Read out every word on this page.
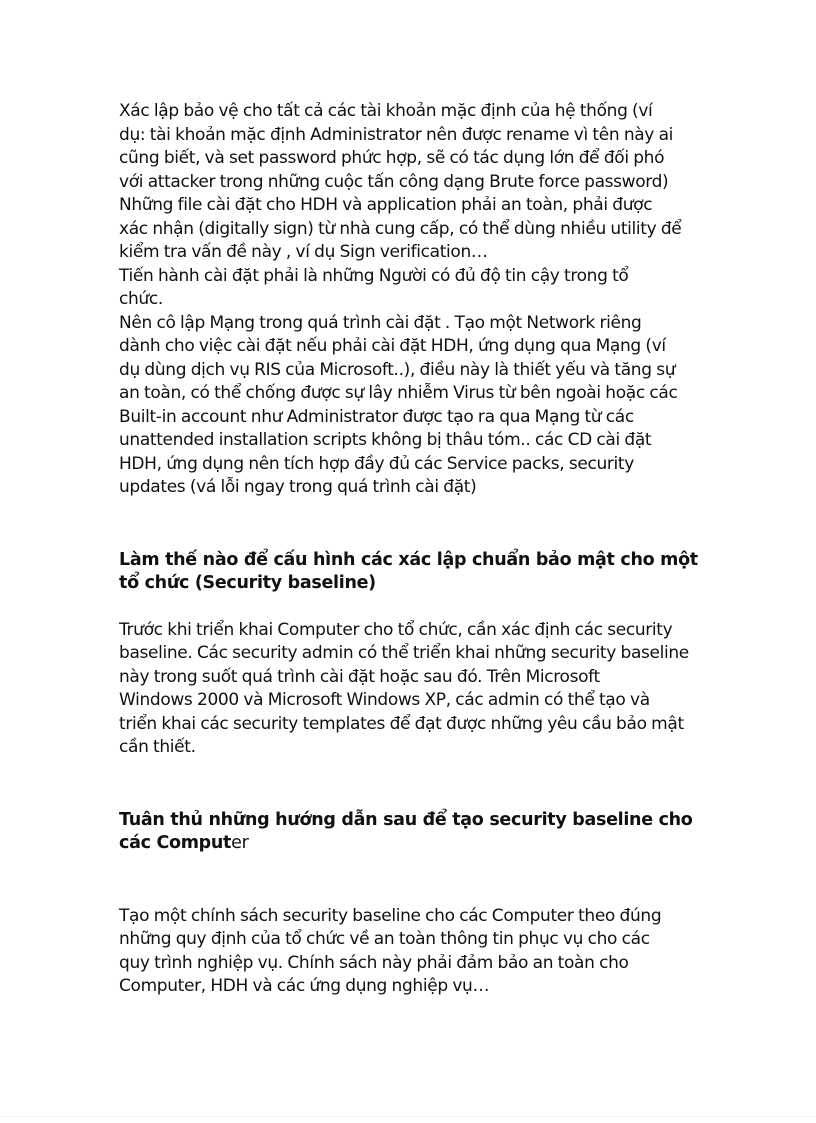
Xác lập bảo vệ cho tất cả các tài khoản mặc định của hệ thống (ví
dụ: tài khoản mặc định Administrator nên được rename vì tên này ai
cũng biết, và set password phức hợp, sẽ có tác dụng lớn để đối phó
với attacker trong những cuộc tấn công dạng Brute force password)
Những file cài đặt cho HDH và application phải an toàn, phải được
xác nhận (digitally sign) từ nhà cung cấp, có thể dùng nhiều utility để
kiểm tra vấn đề này , ví dụ Sign verification…
Tiến hành cài đặt phải là những Người có đủ độ tin cậy trong tổ
chức.
Nên cô lập Mạng trong quá trình cài đặt . Tạo một Network riêng
dành cho việc cài đặt nếu phải cài đặt HDH, ứng dụng qua Mạng (ví
dụ dùng dịch vụ RIS của Microsoft..), điều này là thiết yếu và tăng sự
an toàn, có thể chống được sự lây nhiễm Virus từ bên ngoài hoặc các
Built-in account như Administrator được tạo ra qua Mạng từ các
unattended installation scripts không bị thâu tóm.. các CD cài đặt
HDH, ứng dụng nên tích hợp đầy đủ các Service packs, security
updates (vá lỗi ngay trong quá trình cài đặt)

Làm thế nào để cấu hình các xác lập chuẩn bảo mật cho một
tổ chức (Security baseline)

Trước khi triển khai Computer cho tổ chức, cần xác định các security
baseline. Các security admin có thể triển khai những security baseline
này trong suốt quá trình cài đặt hoặc sau đó. Trên Microsoft
Windows 2000 và Microsoft Windows XP, các admin có thể tạo và
triển khai các security templates để đạt được những yêu cầu bảo mật
cần thiết.

Tuân thủ những hướng dẫn sau để tạo security baseline cho
các Computer

Tạo một chính sách security baseline cho các Computer theo đúng
những quy định của tổ chức về an toàn thông tin phục vụ cho các
quy trình nghiệp vụ. Chính sách này phải đảm bảo an toàn cho
Computer, HDH và các ứng dụng nghiệp vụ…
